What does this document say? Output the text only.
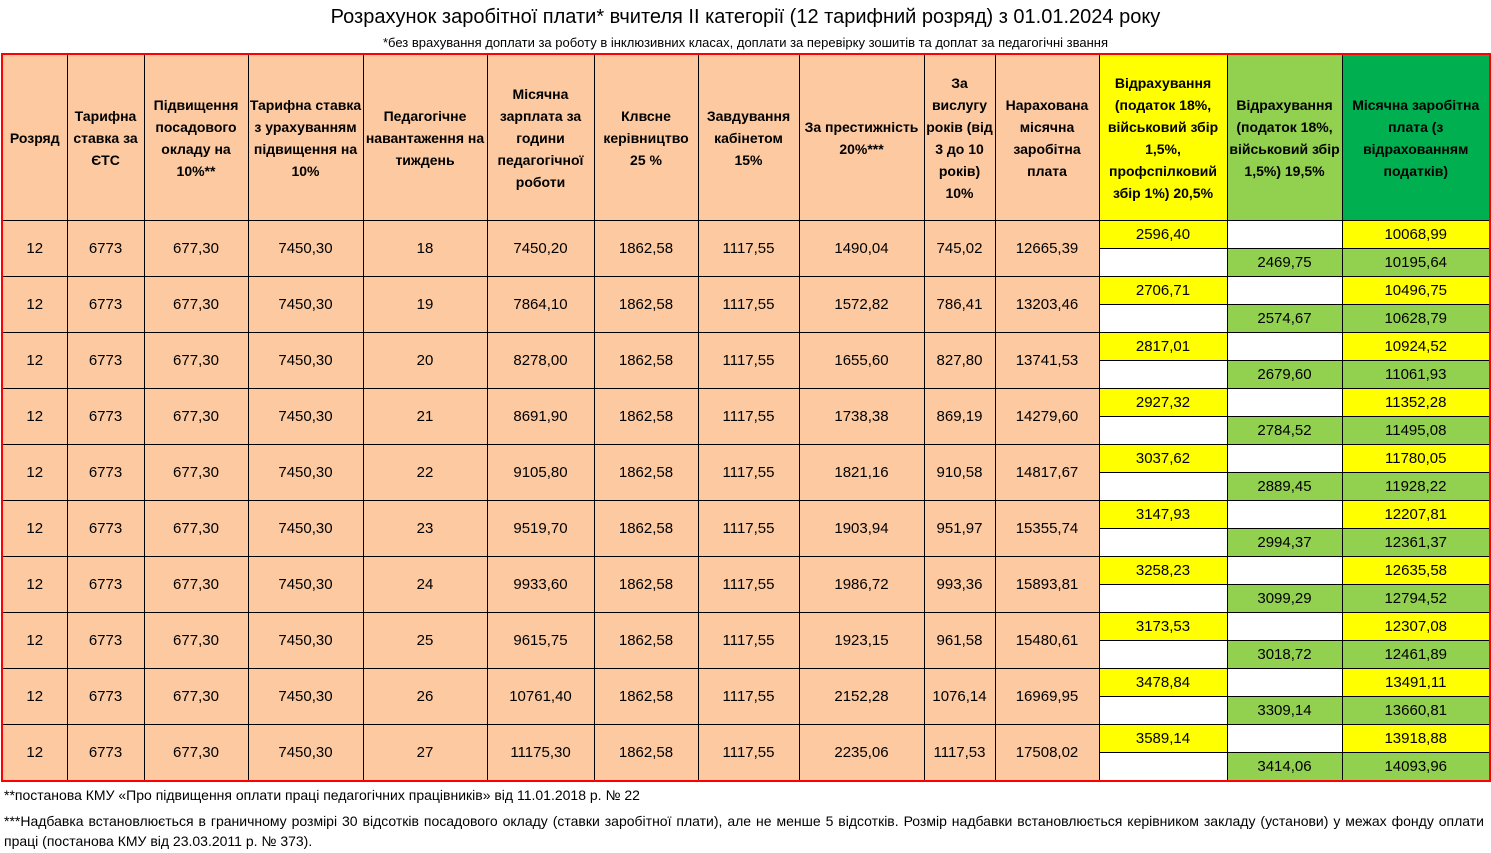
Розрахунок заробітної плати* вчителя ІІ категорії (12 тарифний розряд) з 01.01.2024 року
*без врахування доплати за роботу в інклюзивних класах, доплати за перевірку зошитів та доплат за педагогічні звання
Розряд	Тарифна ставка за ЄТС	Підвищення посадового окладу на 10%**	Тарифна ставка з урахуванням підвищення на 10%	Педагогічне навантаження на тиждень	Місячна зарплата за години педагогічної роботи	Клвсне керівництво 25 %	Завдування кабінетом 15%	За престижність 20%***	За вислугу років (від 3 до 10 років) 10%	Нарахована місячна заробітна плата	Відрахування (податок 18%, військовий збір 1,5%, профспілковий збір 1%) 20,5%	Відрахування (податок 18%, військовий збір 1,5%) 19,5%	Місячна заробітна плата (з відрахованням податків)
12	6773	677,30	7450,30	18	7450,20	1862,58	1117,55	1490,04	745,02	12665,39	2596,40		10068,99
												2469,75	10195,64
12	6773	677,30	7450,30	19	7864,10	1862,58	1117,55	1572,82	786,41	13203,46	2706,71		10496,75
												2574,67	10628,79
12	6773	677,30	7450,30	20	8278,00	1862,58	1117,55	1655,60	827,80	13741,53	2817,01		10924,52
												2679,60	11061,93
12	6773	677,30	7450,30	21	8691,90	1862,58	1117,55	1738,38	869,19	14279,60	2927,32		11352,28
												2784,52	11495,08
12	6773	677,30	7450,30	22	9105,80	1862,58	1117,55	1821,16	910,58	14817,67	3037,62		11780,05
												2889,45	11928,22
12	6773	677,30	7450,30	23	9519,70	1862,58	1117,55	1903,94	951,97	15355,74	3147,93		12207,81
												2994,37	12361,37
12	6773	677,30	7450,30	24	9933,60	1862,58	1117,55	1986,72	993,36	15893,81	3258,23		12635,58
												3099,29	12794,52
12	6773	677,30	7450,30	25	9615,75	1862,58	1117,55	1923,15	961,58	15480,61	3173,53		12307,08
												3018,72	12461,89
12	6773	677,30	7450,30	26	10761,40	1862,58	1117,55	2152,28	1076,14	16969,95	3478,84		13491,11
												3309,14	13660,81
12	6773	677,30	7450,30	27	11175,30	1862,58	1117,55	2235,06	1117,53	17508,02	3589,14		13918,88
												3414,06	14093,96
**постанова КМУ «Про підвищення оплати праці педагогічних працівників» від 11.01.2018 р. № 22
***Надбавка встановлюється в граничному розмірі 30 відсотків посадового окладу (ставки заробітної плати), але не менше 5 відсотків. Розмір надбавки встановлюється керівником закладу (установи) у межах фонду оплати праці (постанова КМУ від 23.03.2011 р. № 373).
